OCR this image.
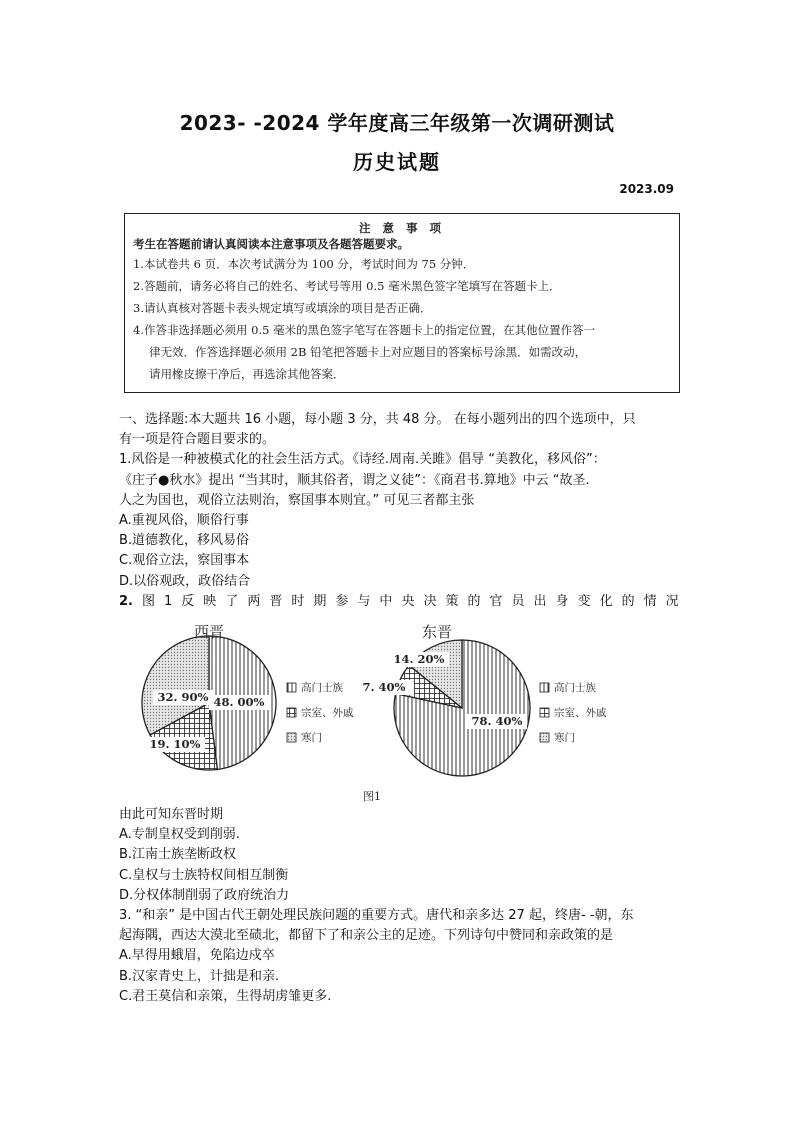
2023- -2024 学年度高三年级第一次调研测试
历史试题
2023.09
注 意 事 项
考生在答题前请认真阅读本注意事项及各题答题要求。
1.本试卷共 6 页．本次考试满分为 100 分，考试时间为 75 分钟．
2.答题前，请务必将自己的姓名、考试号等用 0.5 毫米黑色签字笔填写在答题卡上．
3.请认真核对答题卡表头规定填写或填涂的项目是否正确．
4.作答非选择题必须用 0.5 毫米的黑色签字笔写在答题卡上的指定位置，在其他位置作答一
律无效．作答选择题必须用 2B 铅笔把答题卡上对应题目的答案标号涂黑．如需改动，
请用橡皮擦干净后，再选涂其他答案．

一、选择题:本大题共 16 小题，每小题 3 分，共 48 分。 在每小题列出的四个选项中，只

有一项是符合题目要求的。

1.风俗是一种被模式化的社会生活方式。《诗经.周南.关雎》倡导 “美教化，移风俗”：

《庄子●秋水》提出 “当其时，顺其俗者，谓之义徒”：《商君书.算地》中云 “故圣.

人之为国也，观俗立法则治，察国事本则宜。” 可见三者都主张

A.重视风俗，顺俗行事

B.道德教化，移风易俗

C.观俗立法，察国事本

D.以俗观政，政俗结合

2. 图 1 反 映 了 两 晋 时 期 参 与 中 央 决 策 的 官 员 出 身 变 化 的 情 况

48. 00%
19. 10%
32. 90%
西晋
高门士族
宗室、外戚
寒门
78. 40%
7. 40%
14. 20%
东晋
高门士族
宗室、外戚
寒门
图1

由此可知东晋时期

A.专制皇权受到削弱.

B.江南士族垄断政权

C.皇权与士族特权间相互制衡

D.分权体制削弱了政府统治力

3. “和亲” 是中国古代王朝处理民族问题的重要方式。唐代和亲多达 27 起，终唐- -朝，东

起海隅，西达大漠北至碛北，都留下了和亲公主的足迹。下列诗句中赞同和亲政策的是

A.早得用蛾眉，免陷边戍卒

B.汉家青史上，计拙是和亲.

C.君王莫信和亲策，生得胡虏雏更多.
